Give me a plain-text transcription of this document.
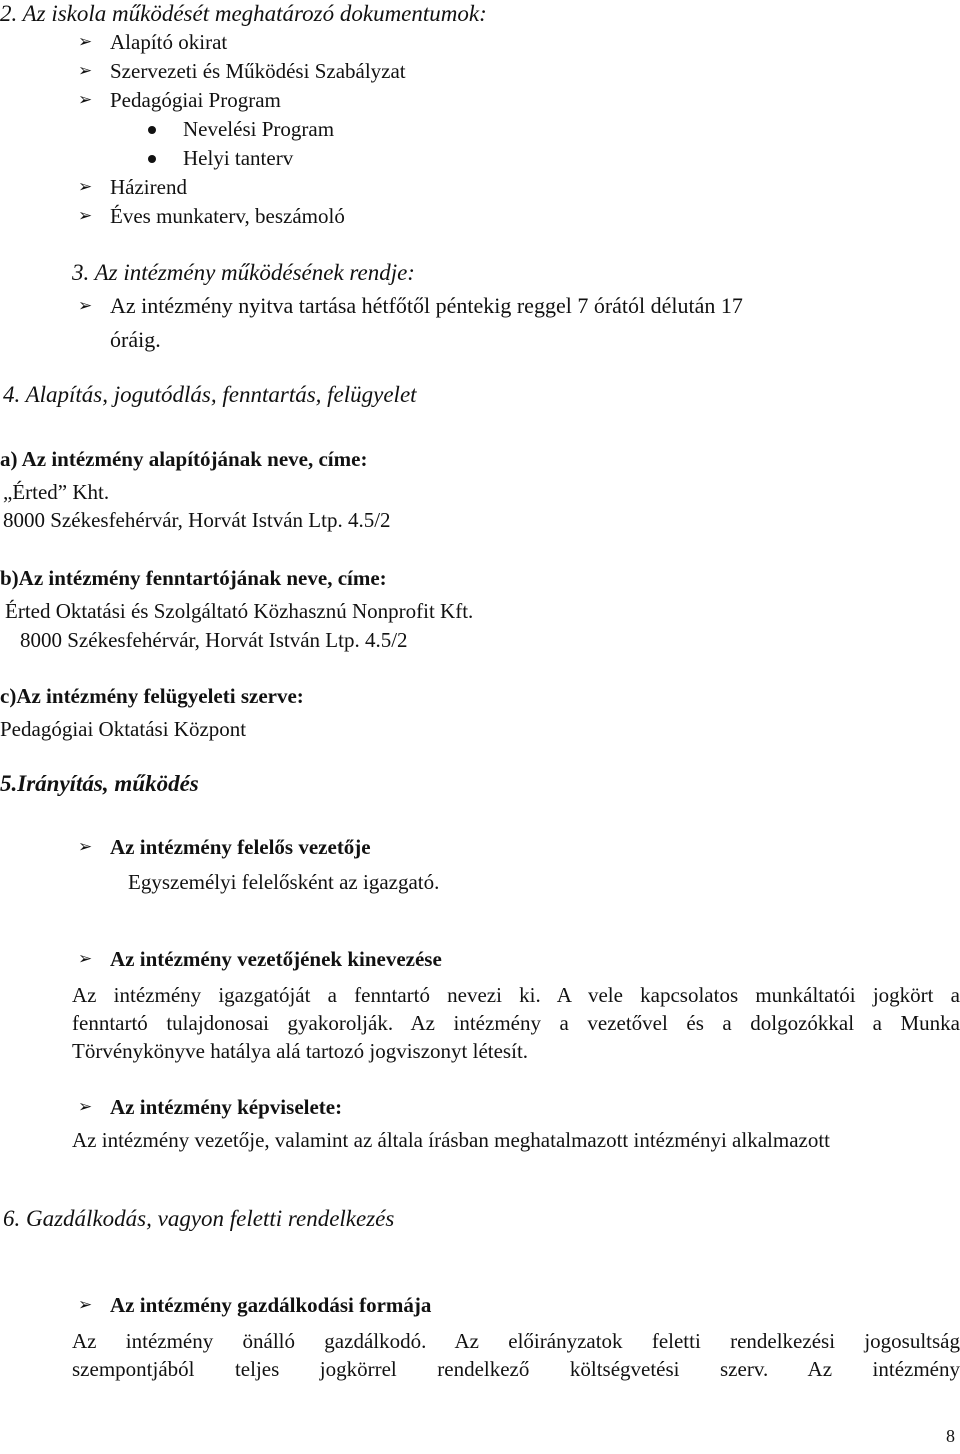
2. Az iskola működését meghatározó dokumentumok:
➢ Alapító okirat
➢ Szervezeti és Működési Szabályzat
➢ Pedagógiai Program
Nevelési Program
Helyi tanterv
➢ Házirend
➢ Éves munkaterv, beszámoló
3. Az intézmény működésének rendje:
➢ Az intézmény nyitva tartása hétfőtől péntekig reggel 7 órától délután 17
óráig.
4. Alapítás, jogutódlás, fenntartás, felügyelet
a) Az intézmény alapítójának neve, címe:
„Érted” Kht.
8000 Székesfehérvár, Horvát István Ltp. 4.5/2
b)Az intézmény fenntartójának neve, címe:
Érted Oktatási és Szolgáltató Közhasznú Nonprofit Kft.
8000 Székesfehérvár, Horvát István Ltp. 4.5/2
c)Az intézmény felügyeleti szerve:
Pedagógiai Oktatási Központ
5.Irányítás, működés
➢ Az intézmény felelős vezetője
Egyszemélyi felelősként az igazgató.
➢ Az intézmény vezetőjének kinevezése
Az intézmény igazgatóját a fenntartó nevezi ki. A vele kapcsolatos munkáltatói jogkört a
fenntartó tulajdonosai gyakorolják. Az intézmény a vezetővel és a dolgozókkal a Munka
Törvénykönyve hatálya alá tartozó jogviszonyt létesít.
➢ Az intézmény képviselete:
Az intézmény vezetője, valamint az általa írásban meghatalmazott intézményi alkalmazott
6. Gazdálkodás, vagyon feletti rendelkezés
➢ Az intézmény gazdálkodási formája
Az intézmény önálló gazdálkodó. Az előirányzatok feletti rendelkezési jogosultság
szempontjából teljes jogkörrel rendelkező költségvetési szerv. Az intézmény
8
